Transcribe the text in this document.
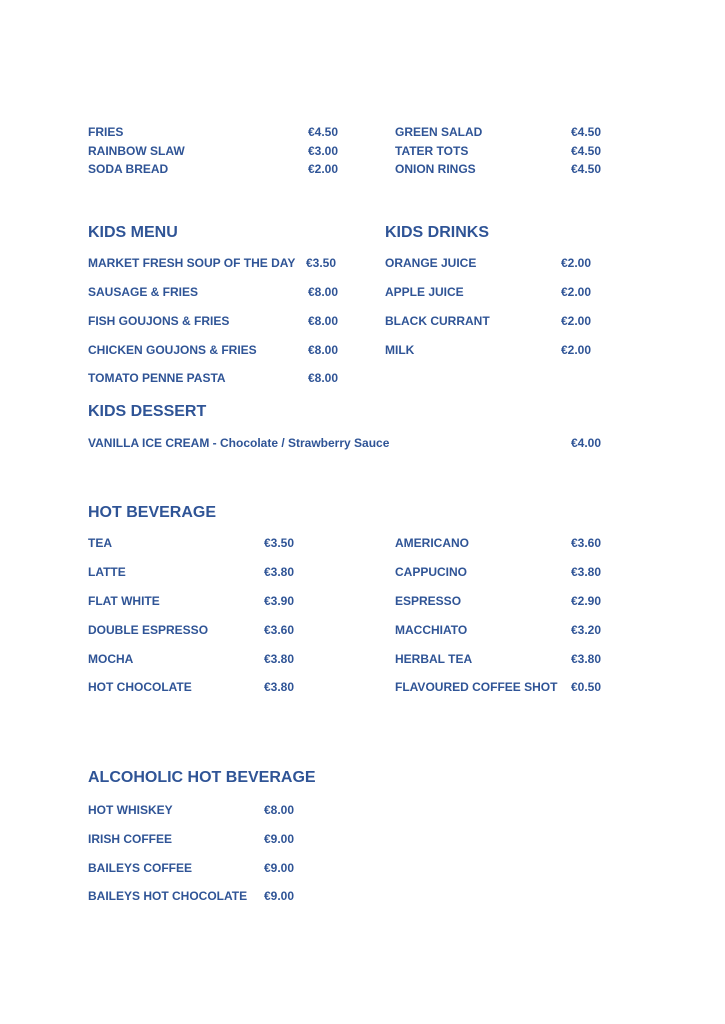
FRIES	€4.50
RAINBOW SLAW	€3.00
SODA BREAD	€2.00
GREEN SALAD	€4.50
TATER TOTS	€4.50
ONION RINGS	€4.50
KIDS MENU
MARKET FRESH SOUP OF THE DAY €3.50
SAUSAGE & FRIES	€8.00
FISH GOUJONS & FRIES	€8.00
CHICKEN GOUJONS & FRIES	€8.00
TOMATO PENNE PASTA	€8.00
KIDS DRINKS
ORANGE JUICE	€2.00
APPLE JUICE	€2.00
BLACK CURRANT	€2.00
MILK	€2.00
KIDS DESSERT
VANILLA ICE CREAM - Chocolate / Strawberry Sauce	€4.00
HOT BEVERAGE
TEA	€3.50
LATTE	€3.80
FLAT WHITE	€3.90
DOUBLE ESPRESSO	€3.60
MOCHA	€3.80
HOT CHOCOLATE	€3.80
AMERICANO	€3.60
CAPPUCINO	€3.80
ESPRESSO	€2.90
MACCHIATO	€3.20
HERBAL TEA	€3.80
FLAVOURED COFFEE SHOT €0.50
ALCOHOLIC HOT BEVERAGE
HOT WHISKEY	€8.00
IRISH COFFEE	€9.00
BAILEYS COFFEE	€9.00
BAILEYS HOT CHOCOLATE €9.00
